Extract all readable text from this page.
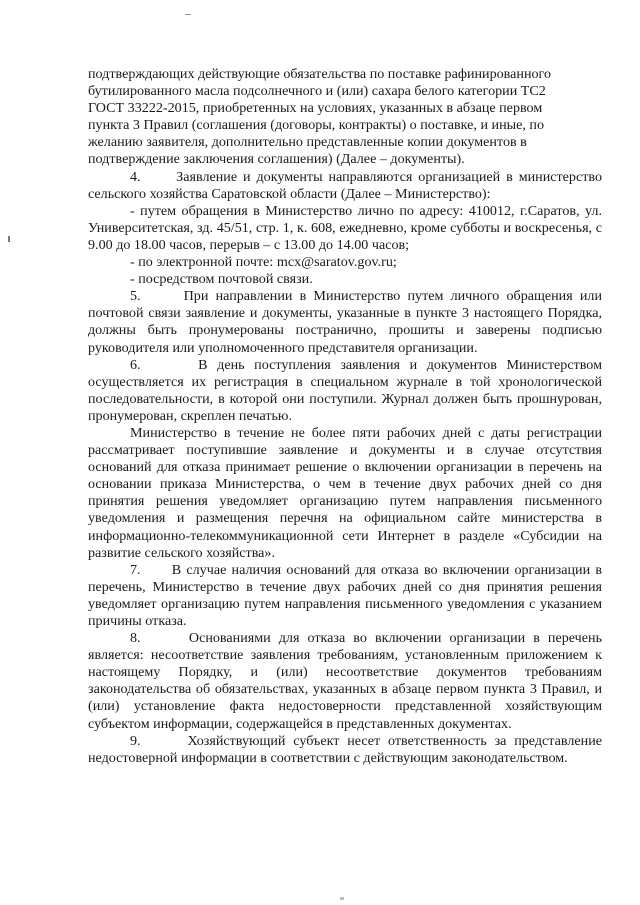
подтверждающих действующие обязательства по поставке рафинированного

бутилированного масла подсолнечного и (или) сахара белого категории ТС2

ГОСТ 33222-2015, приобретенных на условиях, указанных в абзаце первом

пункта 3 Правил (соглашения (договоры, контракты) о поставке, и иные, по

желанию заявителя, дополнительно представленные копии документов в

подтверждение заключения соглашения) (Далее – документы).

4.      Заявление и документы направляются организацией в министерство сельского хозяйства Саратовской области (Далее – Министерство):

- путем обращения в Министерство лично по адресу: 410012, г.Саратов, ул. Университетская, зд. 45/51, стр. 1, к. 608, ежедневно, кроме субботы и воскресенья, с 9.00 до 18.00 часов, перерыв – с 13.00 до 14.00 часов;

- по электронной почте: mcx@saratov.gov.ru;

- посредством почтовой связи.

5.      При направлении в Министерство путем личного обращения или почтовой связи заявление и документы, указанные в пункте 3 настоящего Порядка, должны быть пронумерованы постранично, прошиты и заверены подписью руководителя или уполномоченного представителя организации.

6.      В день поступления заявления и документов Министерством осуществляется их регистрация в специальном журнале в той хронологической последовательности, в которой они поступили. Журнал должен быть прошнурован, пронумерован, скреплен печатью.

Министерство в течение не более пяти рабочих дней с даты регистрации рассматривает поступившие заявление и документы и в случае отсутствия оснований для отказа принимает решение о включении организации в перечень на основании приказа Министерства, о чем в течение двух рабочих дней со дня принятия решения уведомляет организацию путем направления письменного уведомления и размещения перечня на официальном сайте министерства в информационно-телекоммуникационной сети Интернет в разделе «Субсидии на развитие сельского хозяйства».

7.      В случае наличия оснований для отказа во включении организации в перечень, Министерство в течение двух рабочих дней со дня принятия решения уведомляет организацию путем направления письменного уведомления с указанием причины отказа.

8.      Основаниями для отказа во включении организации в перечень является: несоответствие заявления требованиям, установленным приложением к настоящему Порядку, и (или) несоответствие документов требованиям законодательства об обязательствах, указанных в абзаце первом пункта 3 Правил, и (или) установление факта недостоверности представленной хозяйствующим субъектом информации, содержащейся в представленных документах.

9.      Хозяйствующий субъект несет ответственность за представление недостоверной информации в соответствии с действующим законодательством.
